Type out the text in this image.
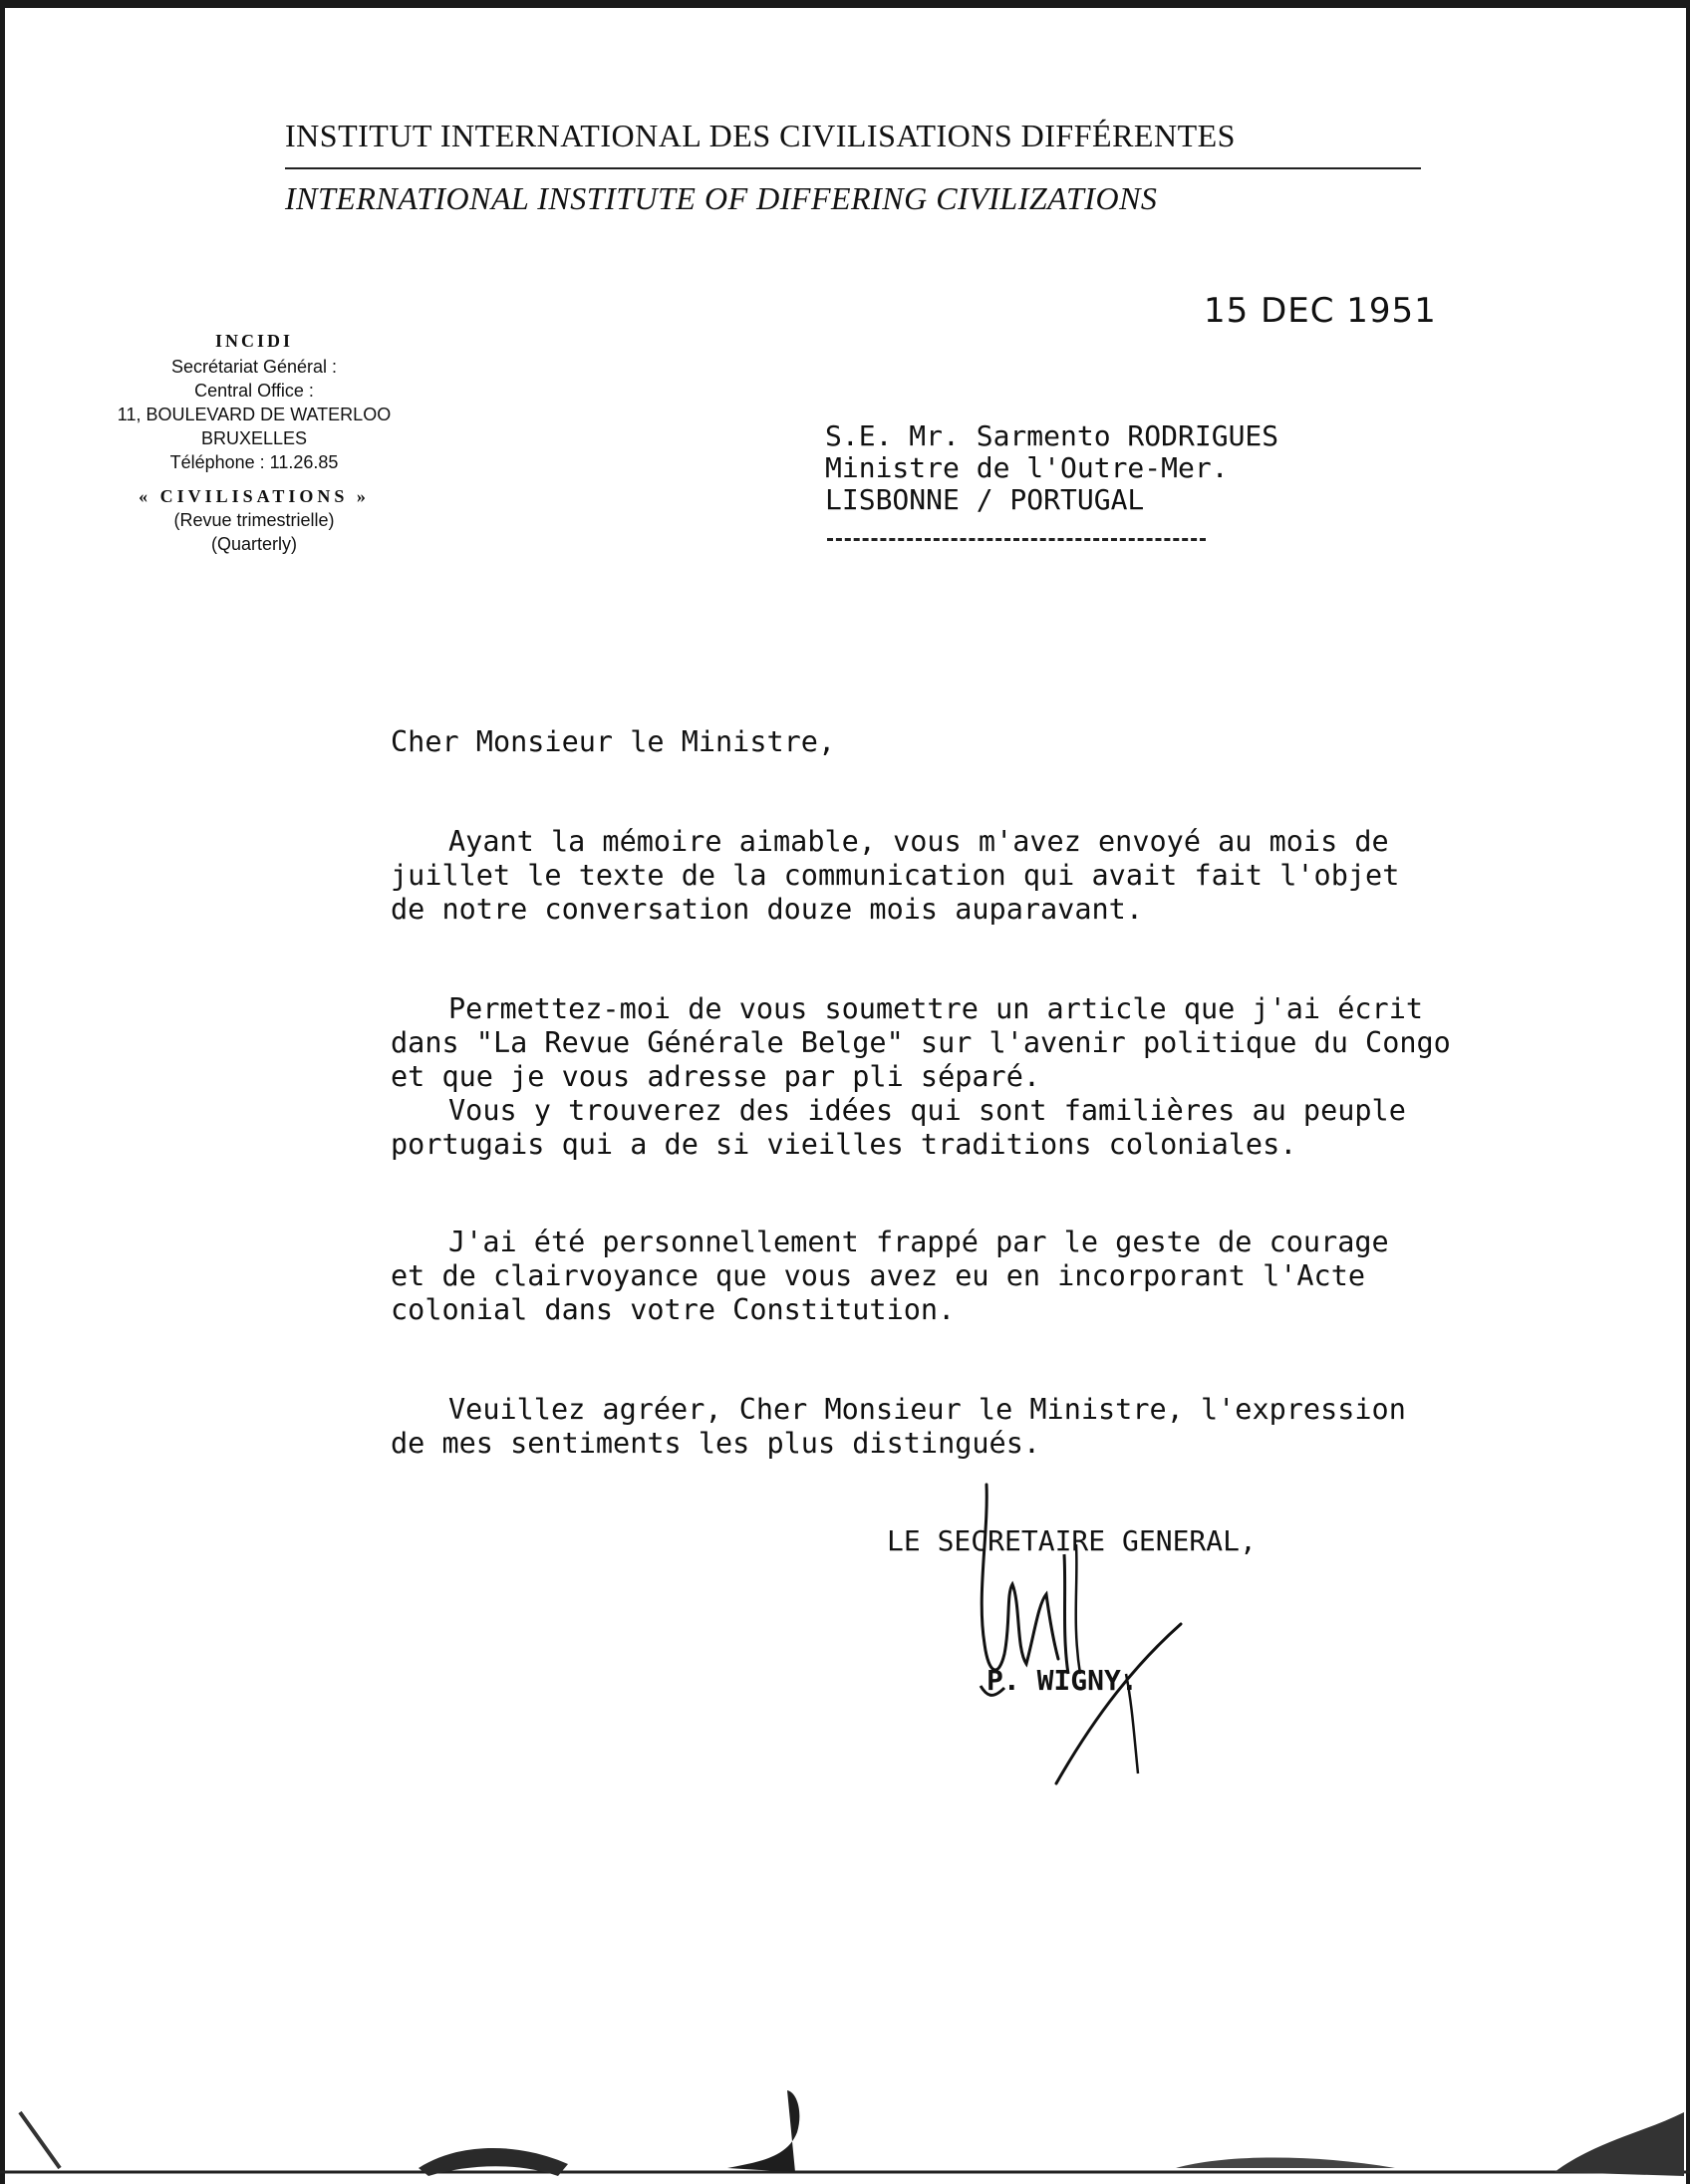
INSTITUT INTERNATIONAL DES CIVILISATIONS DIFFÉRENTES
INTERNATIONAL INSTITUTE OF DIFFERING CIVILIZATIONS
15 DEC 1951
INCIDI
Secrétariat Général :
Central Office :
11, BOULEVARD DE WATERLOO
BRUXELLES
Téléphone : 11.26.85
« CIVILISATIONS »
(Revue trimestrielle)
(Quarterly)
S.E. Mr. Sarmento RODRIGUES
Ministre de l'Outre-Mer.
LISBONNE / PORTUGAL
Cher Monsieur le Ministre,
Ayant la mémoire aimable, vous m'avez envoyé au mois de
juillet le texte de la communication qui avait fait l'objet
de notre conversation douze mois auparavant.
Permettez-moi de vous soumettre un article que j'ai écrit
dans "La Revue Générale Belge" sur l'avenir politique du Congo
et que je vous adresse par pli séparé.
Vous y trouverez des idées qui sont familières au peuple
portugais qui a de si vieilles traditions coloniales.
J'ai été personnellement frappé par le geste de courage
et de clairvoyance que vous avez eu en incorporant l'Acte
colonial dans votre Constitution.
Veuillez agréer, Cher Monsieur le Ministre, l'expression
de mes sentiments les plus distingués.
LE SECRETAIRE GENERAL,
P. WIGNY.
